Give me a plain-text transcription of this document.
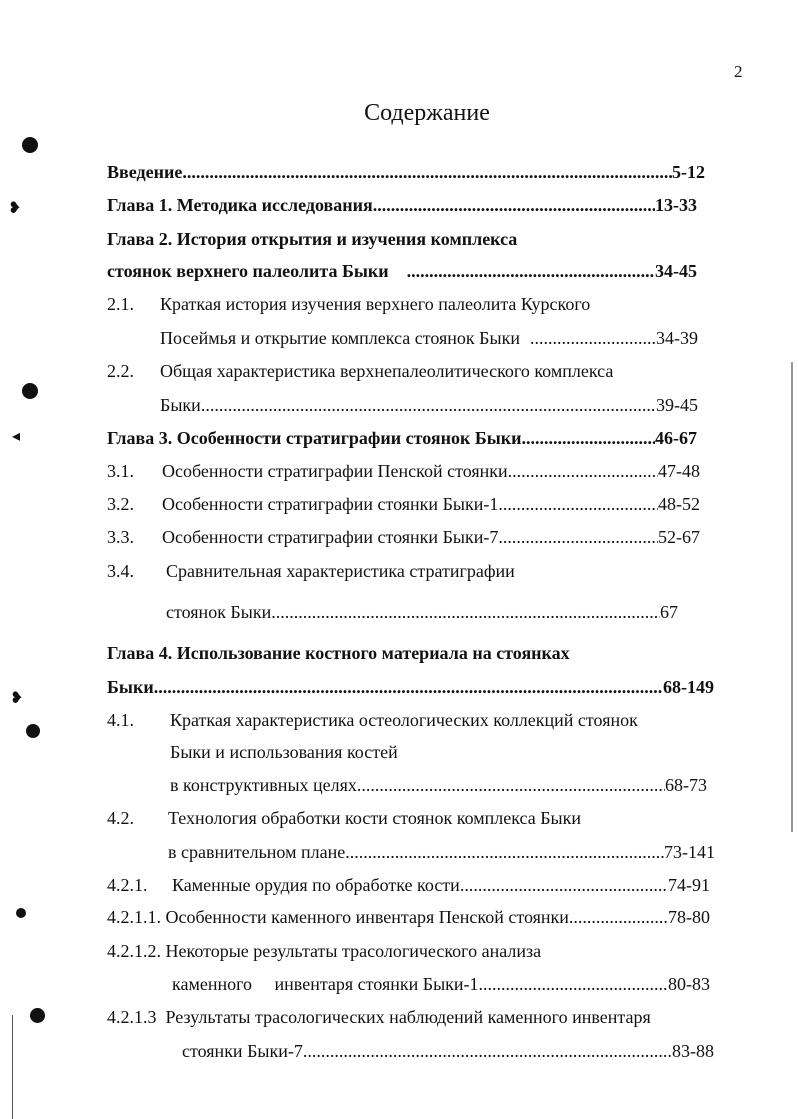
2
Содержание
Введение .....	5-12
Глава 1. Методика исследования .....	13-33
Глава 2. История открытия и изучения комплекса
стоянок верхнего палеолита Быки .....	34-45
2.1. Краткая история изучения верхнего палеолита Курского
Посеймья и открытие комплекса стоянок Быки .....	34-39
2.2. Общая характеристика верхнепалеолитического комплекса
Быки .....	39-45
Глава 3. Особенности стратиграфии стоянок Быки .....	46-67
3.1. Особенности стратиграфии Пенской стоянки .....	47-48
3.2. Особенности стратиграфии стоянки Быки-1 .....	48-52
3.3. Особенности стратиграфии стоянки Быки-7 .....	52-67
3.4. Сравнительная характеристика стратиграфии
стоянок Быки .....	67
Глава 4. Использование костного материала на стоянках
Быки .....	68-149
4.1. Краткая характеристика остеологических коллекций стоянок
Быки и использования костей
в конструктивных целях .....	68-73
4.2. Технология обработки кости стоянок комплекса Быки
в сравнительном плане .....	73-141
4.2.1. Каменные орудия по обработке кости .....	74-91
4.2.1.1. Особенности каменного инвентаря Пенской стоянки .....	78-80
4.2.1.2. Некоторые результаты трасологического анализа
каменного     инвентаря стоянки Быки-1 .....	80-83
4.2.1.3  Результаты трасологических наблюдений каменного инвентаря
стоянки Быки-7 .....	83-88
❥
◂
❥
